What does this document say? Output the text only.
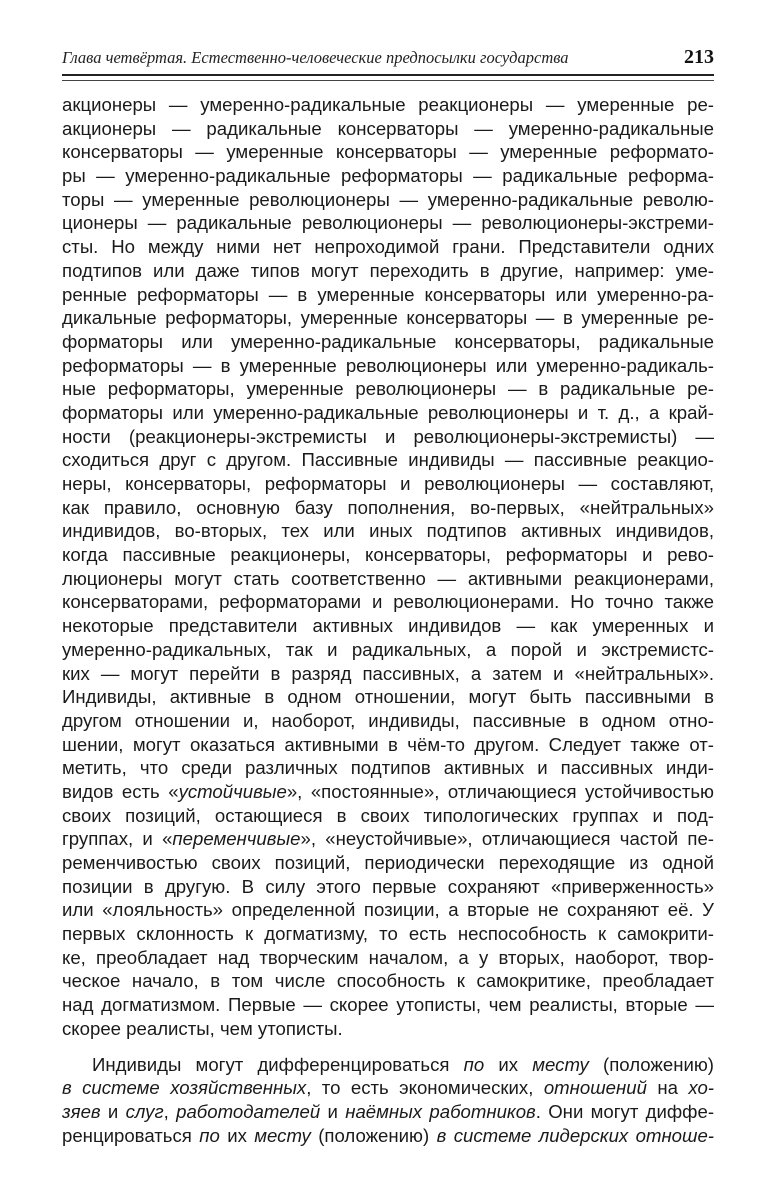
Глава четвёртая. Естественно-человеческие предпосылки государства	213
акционеры — умеренно-радикальные реакционеры — умеренные ре-
акционеры — радикальные консерваторы — умеренно-радикальные
консерваторы — умеренные консерваторы — умеренные реформато-
ры — умеренно-радикальные реформаторы — радикальные реформа-
торы — умеренные революционеры — умеренно-радикальные револю-
ционеры — радикальные революционеры — революционеры-экстреми-
сты. Но между ними нет непроходимой грани. Представители одних
подтипов или даже типов могут переходить в другие, например: уме-
ренные реформаторы — в умеренные консерваторы или умеренно-ра-
дикальные реформаторы, умеренные консерваторы — в умеренные ре-
форматоры или умеренно-радикальные консерваторы, радикальные
реформаторы — в умеренные революционеры или умеренно-радикаль-
ные реформаторы, умеренные революционеры — в радикальные ре-
форматоры или умеренно-радикальные революционеры и т. д., а край-
ности (реакционеры-экстремисты и революционеры-экстремисты) —
сходиться друг с другом. Пассивные индивиды — пассивные реакцио-
неры, консерваторы, реформаторы и революционеры — составляют,
как правило, основную базу пополнения, во-первых, «нейтральных»
индивидов, во-вторых, тех или иных подтипов активных индивидов,
когда пассивные реакционеры, консерваторы, реформаторы и рево-
люционеры могут стать соответственно — активными реакционерами,
консерваторами, реформаторами и революционерами. Но точно также
некоторые представители активных индивидов — как умеренных и
умеренно-радикальных, так и радикальных, а порой и экстремистс-
ких — могут перейти в разряд пассивных, а затем и «нейтральных».
Индивиды, активные в одном отношении, могут быть пассивными в
другом отношении и, наоборот, индивиды, пассивные в одном отно-
шении, могут оказаться активными в чём-то другом. Следует также от-
метить, что среди различных подтипов активных и пассивных инди-
видов есть «устойчивые», «постоянные», отличающиеся устойчивостью
своих позиций, остающиеся в своих типологических группах и под-
группах, и «переменчивые», «неустойчивые», отличающиеся частой пе-
ременчивостью своих позиций, периодически переходящие из одной
позиции в другую. В силу этого первые сохраняют «приверженность»
или «лояльность» определенной позиции, а вторые не сохраняют её. У
первых склонность к догматизму, то есть неспособность к самокрити-
ке, преобладает над творческим началом, а у вторых, наоборот, твор-
ческое начало, в том числе способность к самокритике, преобладает
над догматизмом. Первые — скорее утописты, чем реалисты, вторые —
скорее реалисты, чем утописты.
Индивиды могут дифференцироваться по их месту (положению)
в системе хозяйственных, то есть экономических, отношений на хо-
зяев и слуг, работодателей и наёмных работников. Они могут диффе-
ренцироваться по их месту (положению) в системе лидерских отноше-
